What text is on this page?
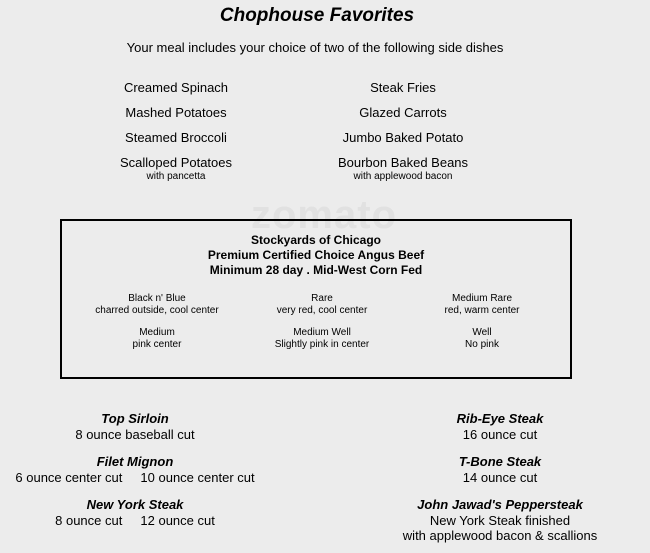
Chophouse Favorites
Your meal includes your choice of two of the following side dishes
Creamed Spinach
Mashed Potatoes
Steamed Broccoli
Scalloped Potatoes
with pancetta
Steak Fries
Glazed Carrots
Jumbo Baked Potato
Bourbon Baked Beans
with applewood bacon
zomato
Stockyards of Chicago
Premium Certified Choice Angus Beef
Minimum 28 day . Mid-West Corn Fed
Black n' Blue
charred outside, cool center
Rare
very red, cool center
Medium Rare
red, warm center
Medium
pink center
Medium Well
Slightly pink in center
Well
No pink
Top Sirloin
8 ounce baseball cut
Filet Mignon
6 ounce center cut     10 ounce center cut
New York Steak
8 ounce cut     12 ounce cut
Rib-Eye Steak
16 ounce cut
T-Bone Steak
14 ounce cut
John Jawad's Peppersteak
New York Steak finished
with applewood bacon & scallions
